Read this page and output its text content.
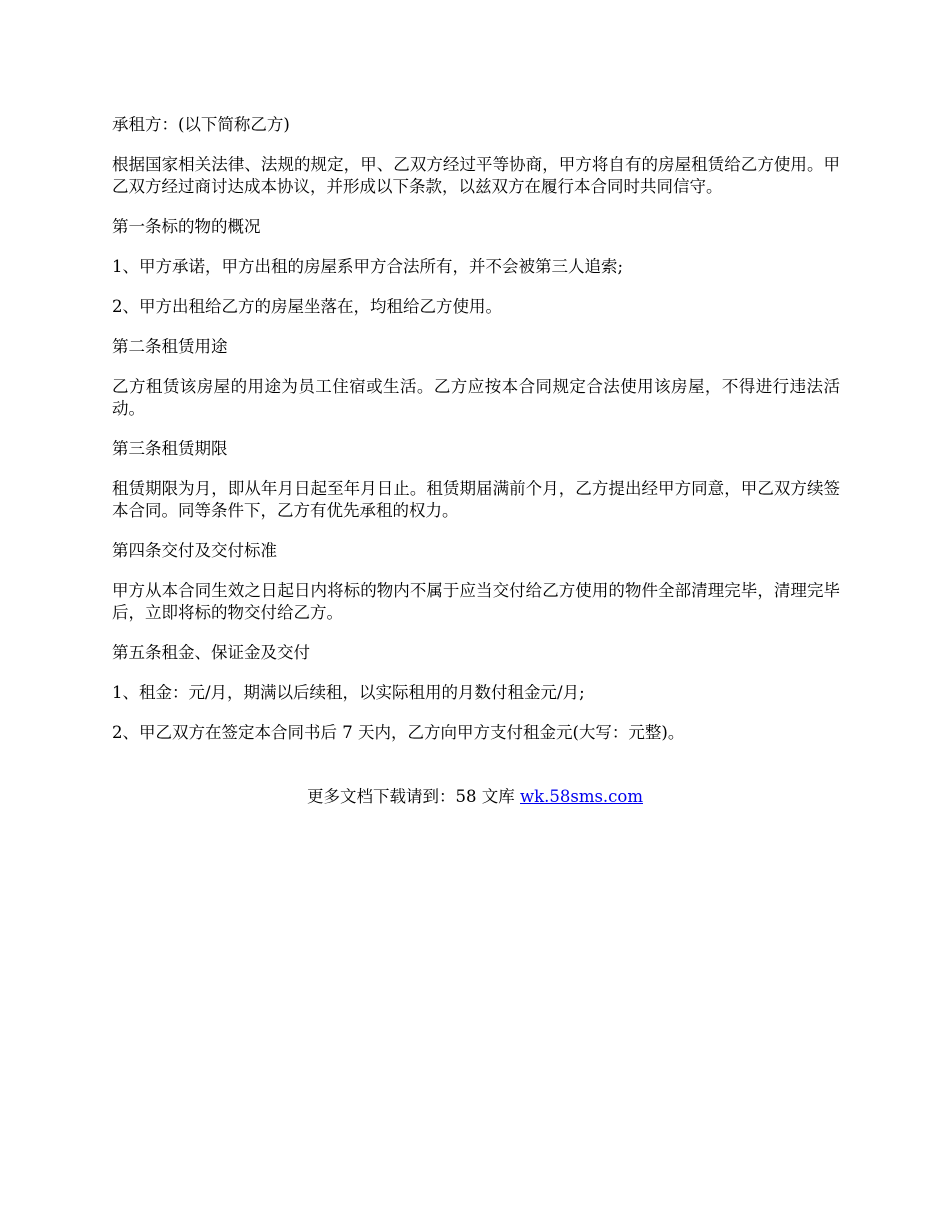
承租方：(以下简称乙方)

根据国家相关法律、法规的规定，甲、乙双方经过平等协商，甲方将自有的房屋租赁给乙方使用。甲乙双方经过商讨达成本协议，并形成以下条款，以兹双方在履行本合同时共同信守。

第一条标的物的概况

1、甲方承诺，甲方出租的房屋系甲方合法所有，并不会被第三人追索;

2、甲方出租给乙方的房屋坐落在，均租给乙方使用。

第二条租赁用途

乙方租赁该房屋的用途为员工住宿或生活。乙方应按本合同规定合法使用该房屋，不得进行违法活动。

第三条租赁期限

租赁期限为月，即从年月日起至年月日止。租赁期届满前个月，乙方提出经甲方同意，甲乙双方续签本合同。同等条件下，乙方有优先承租的权力。

第四条交付及交付标准

甲方从本合同生效之日起日内将标的物内不属于应当交付给乙方使用的物件全部清理完毕，清理完毕后，立即将标的物交付给乙方。

第五条租金、保证金及交付

1、租金：元/月，期满以后续租，以实际租用的月数付租金元/月;

2、甲乙双方在签定本合同书后 7 天内，乙方向甲方支付租金元(大写：元整)。

更多文档下载请到：58 文库 wk.58sms.com
